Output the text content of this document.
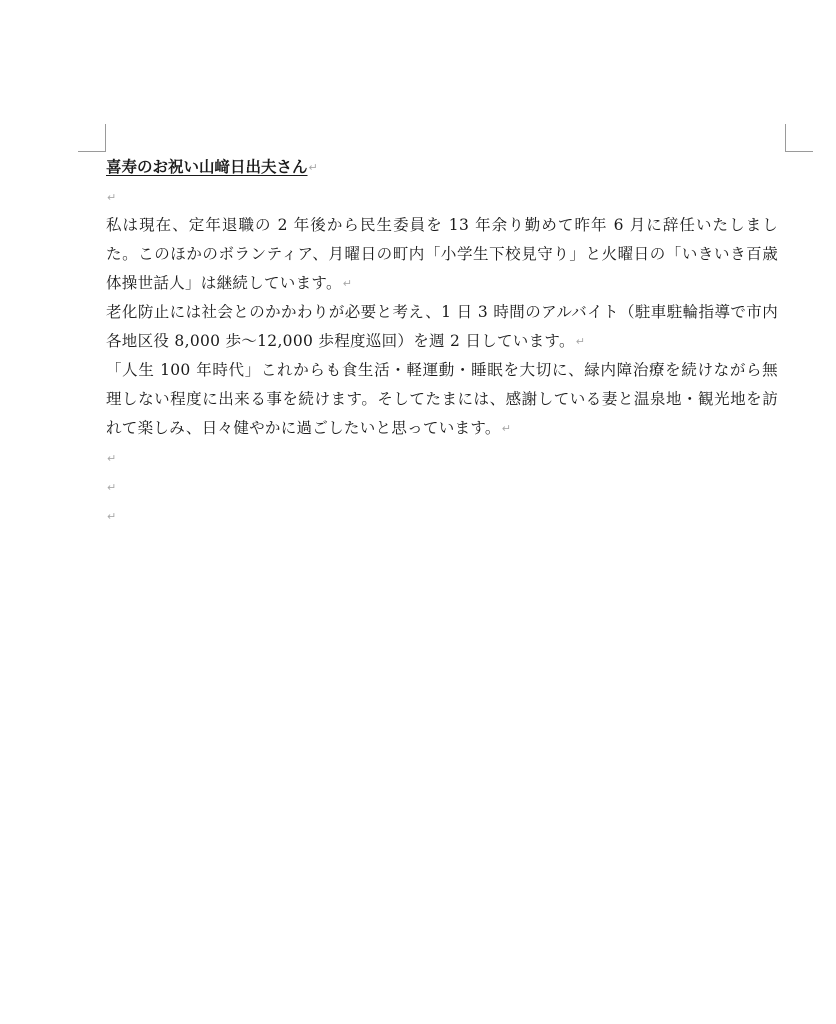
喜寿のお祝い山﨑日出夫さん↵

↵

私は現在、定年退職の 2 年後から民生委員を 13 年余り勤めて昨年 6 月に辞任いたしました。このほかのボランティア、月曜日の町内「小学生下校見守り」と火曜日の「いきいき百歳体操世話人」は継続しています。↵

老化防止には社会とのかかわりが必要と考え、1 日 3 時間のアルバイト（駐車駐輪指導で市内各地区役 8,000 歩～12,000 歩程度巡回）を週 2 日しています。↵

「人生 100 年時代」これからも食生活・軽運動・睡眠を大切に、緑内障治療を続けながら無理しない程度に出来る事を続けます。そしてたまには、感謝している妻と温泉地・観光地を訪れて楽しみ、日々健やかに過ごしたいと思っています。↵

↵

↵

↵
